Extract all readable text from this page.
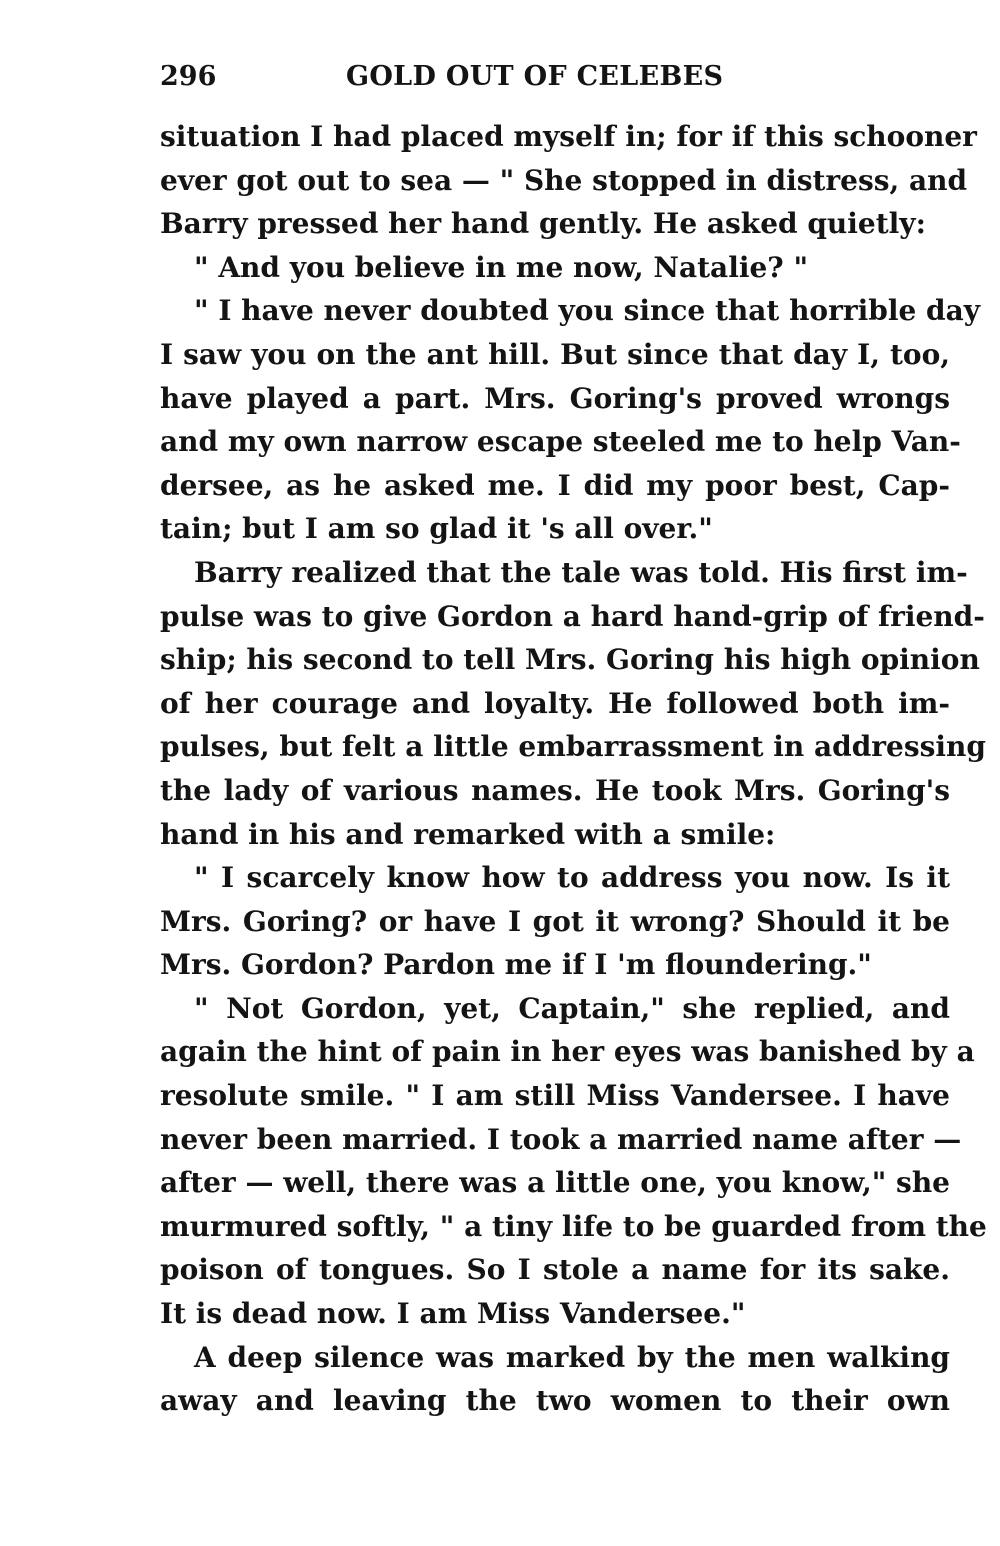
296	GOLD OUT OF CELEBES
situation I had placed myself in; for if this schooner
ever got out to sea — " She stopped in distress, and
Barry pressed her hand gently. He asked quietly:
" And you believe in me now, Natalie? "
" I have never doubted you since that horrible day
I saw you on the ant hill. But since that day I, too,
have played a part. Mrs. Goring's proved wrongs
and my own narrow escape steeled me to help Van-
dersee, as he asked me. I did my poor best, Cap-
tain; but I am so glad it 's all over."
Barry realized that the tale was told. His first im-
pulse was to give Gordon a hard hand-grip of friend-
ship; his second to tell Mrs. Goring his high opinion
of her courage and loyalty. He followed both im-
pulses, but felt a little embarrassment in addressing
the lady of various names. He took Mrs. Goring's
hand in his and remarked with a smile:
" I scarcely know how to address you now. Is it
Mrs. Goring? or have I got it wrong? Should it be
Mrs. Gordon? Pardon me if I 'm floundering."
" Not Gordon, yet, Captain," she replied, and
again the hint of pain in her eyes was banished by a
resolute smile. " I am still Miss Vandersee. I have
never been married. I took a married name after —
after — well, there was a little one, you know," she
murmured softly, " a tiny life to be guarded from the
poison of tongues. So I stole a name for its sake.
It is dead now. I am Miss Vandersee."
A deep silence was marked by the men walking
away and leaving the two women to their own
